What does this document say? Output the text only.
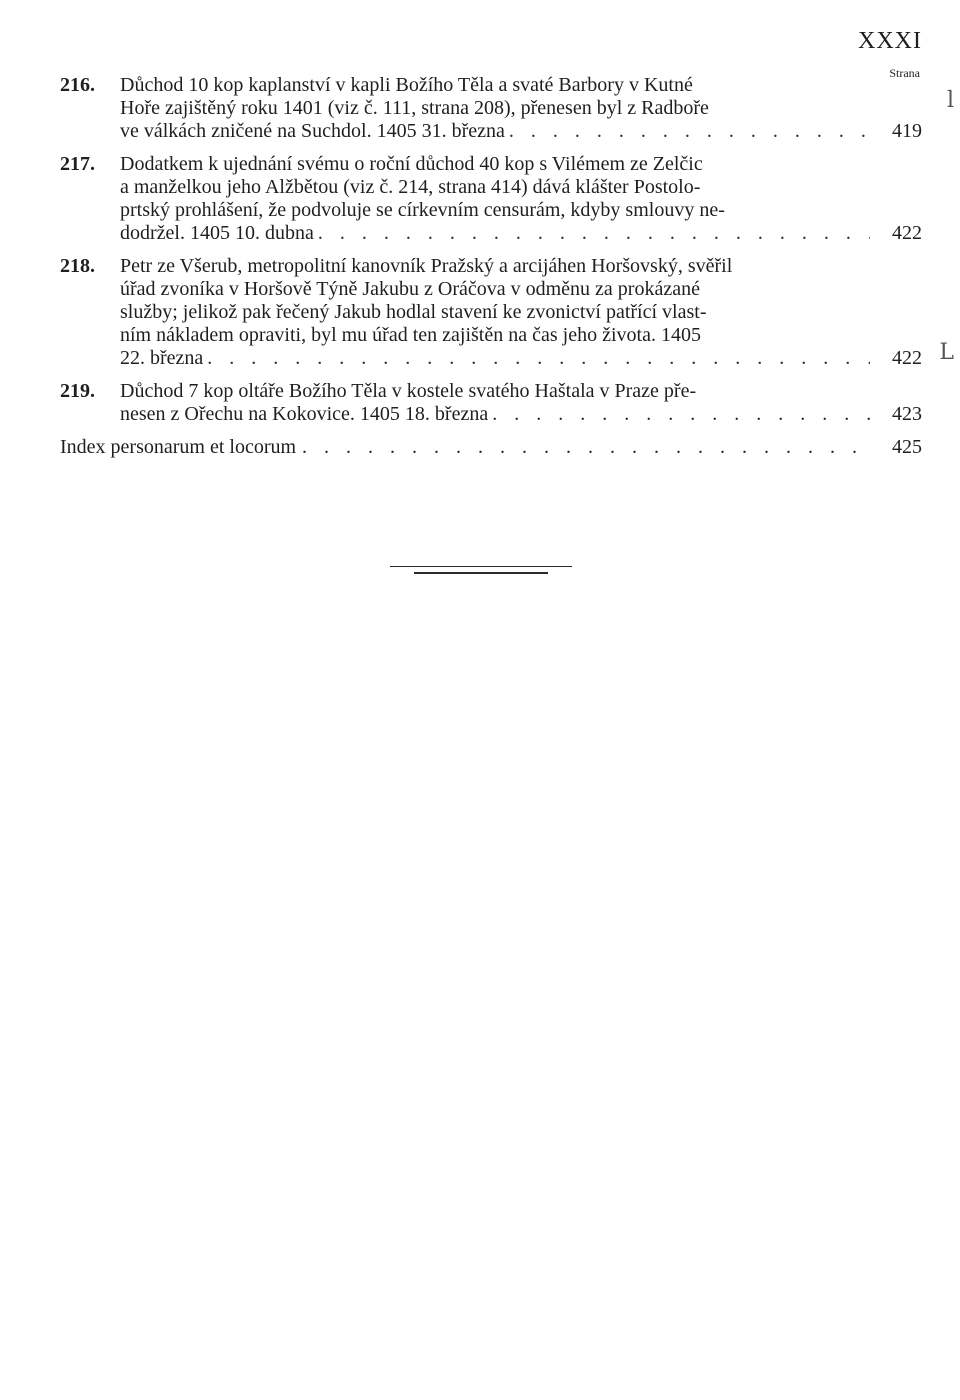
XXXI
Strana
216. Důchod 10 kop kaplanství v kapli Božího Těla a svaté Barbory v Kutné
Hoře zajištěný roku 1401 (viz č. 111, strana 208), přenesen byl z Radboře
ve válkách zničené na Suchdol. 1405 31. března . . .	419
217. Dodatkem k ujednání svému o roční důchod 40 kop s Vilémem ze Zelčic
a manželkou jeho Alžbětou (viz č. 214, strana 414) dává klášter Postolo-
prtský prohlášení, že podvoluje se církevním censurám, kdyby smlouvy ne-
dodržel. 1405 10. dubna . . .	422
218. Petr ze Všerub, metropolitní kanovník Pražský a arcijáhen Horšovský, svěřil
úřad zvoníka v Horšově Týně Jakubu z Oráčova v odměnu za prokázané
služby; jelikož pak řečený Jakub hodlal stavení ke zvonictví patřící vlast-
ním nákladem opraviti, byl mu úřad ten zajištěn na čas jeho života. 1405
22. března . . .	422
219. Důchod 7 kop oltáře Božího Těla v kostele svatého Haštala v Praze pře-
nesen z Ořechu na Kokovice. 1405 18. března . . .	423
Index personarum et locorum . . .	425
l
L
